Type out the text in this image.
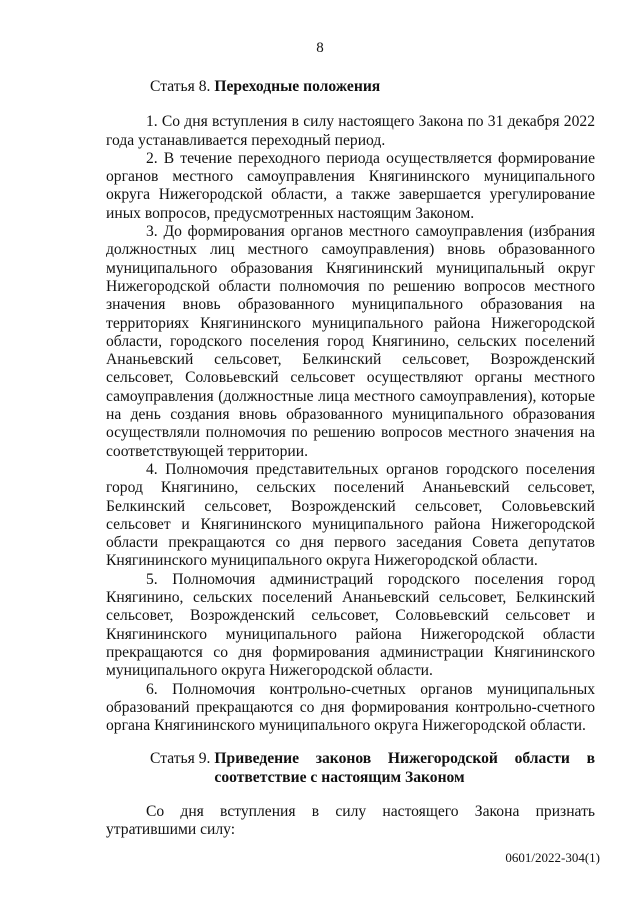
8
Статья 8. Переходные положения

1. Со дня вступления в силу настоящего Закона по 31 декабря 2022 года устанавливается переходный период.

2. В течение переходного периода осуществляется формирование органов местного самоуправления Княгининского муниципального округа Нижегородской области, а также завершается урегулирование иных вопросов, предусмотренных настоящим Законом.

3. До формирования органов местного самоуправления (избрания должностных лиц местного самоуправления) вновь образованного муниципального образования Княгининский муниципальный округ Нижегородской области полномочия по решению вопросов местного значения вновь образованного муниципального образования на территориях Княгининского муниципального района Нижегородской области, городского поселения город Княгинино, сельских поселений Ананьевский сельсовет, Белкинский сельсовет, Возрожденский сельсовет, Соловьевский сельсовет осуществляют органы местного самоуправления (должностные лица местного самоуправления), которые на день создания вновь образованного муниципального образования осуществляли полномочия по решению вопросов местного значения на соответствующей территории.

4. Полномочия представительных органов городского поселения город Княгинино, сельских поселений Ананьевский сельсовет, Белкинский сельсовет, Возрожденский сельсовет, Соловьевский сельсовет и Княгининского муниципального района Нижегородской области прекращаются со дня первого заседания Совета депутатов Княгининского муниципального округа Нижегородской области.

5. Полномочия администраций городского поселения город Княгинино, сельских поселений Ананьевский сельсовет, Белкинский сельсовет, Возрожденский сельсовет, Соловьевский сельсовет и Княгининского муниципального района Нижегородской области прекращаются со дня формирования администрации Княгининского муниципального округа Нижегородской области.

6. Полномочия контрольно-счетных органов муниципальных образований прекращаются со дня формирования контрольно-счетного органа Княгининского муниципального округа Нижегородской области.

Статья 9. Приведение законов Нижегородской области в соответствие с настоящим Законом

Со дня вступления в силу настоящего Закона признать утратившими силу:

0601/2022-304(1)
